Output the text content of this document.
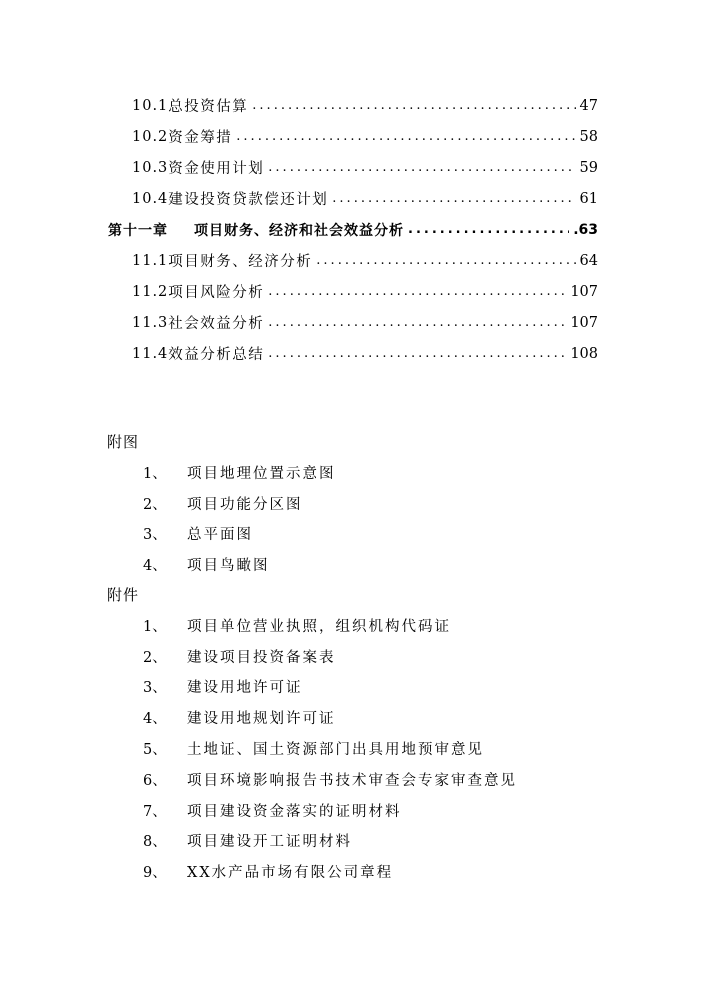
10.1 总投资估算 .....	47
10.2 资金筹措 .....	58
10.3 资金使用计划 .....	59
10.4 建设投资贷款偿还计划 .....	61
第十一章 项目财务、经济和社会效益分析 .....	.63
11.1 项目财务、经济分析 .....	64
11.2 项目风险分析 .....	107
11.3 社会效益分析 .....	107
11.4 效益分析总结 .....	108
附图
1、	项目地理位置示意图
2、	项目功能分区图
3、	总平面图
4、	项目鸟瞰图
附件
1、	项目单位营业执照，组织机构代码证
2、	建设项目投资备案表
3、	建设用地许可证
4、	建设用地规划许可证
5、	土地证、国土资源部门出具用地预审意见
6、	项目环境影响报告书技术审查会专家审查意见
7、	项目建设资金落实的证明材料
8、	项目建设开工证明材料
9、	XX水产品市场有限公司章程
